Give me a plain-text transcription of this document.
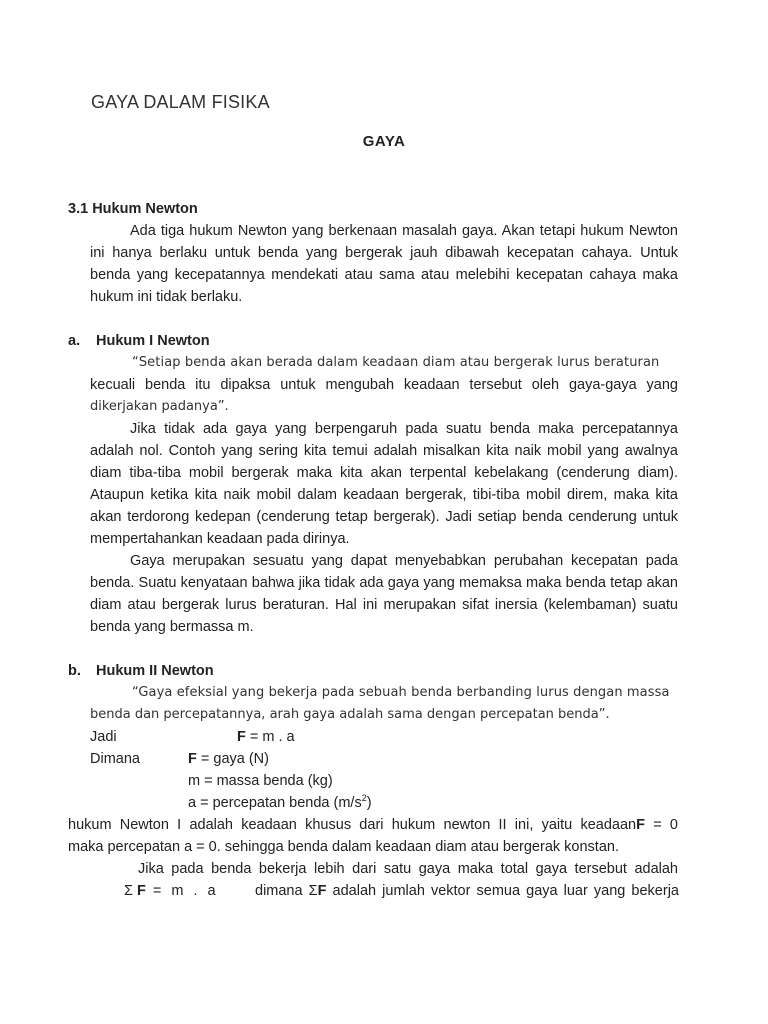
GAYA DALAM FISIKA
GAYA
3.1 Hukum Newton

Ada tiga hukum Newton yang berkenaan masalah gaya. Akan tetapi hukum Newton ini hanya berlaku untuk benda yang bergerak jauh dibawah kecepatan cahaya. Untuk benda yang kecepatannya mendekati atau sama atau melebihi kecepatan cahaya maka hukum ini tidak berlaku.

a. Hukum I Newton

“Setiap benda akan berada dalam keadaan diam atau bergerak lurus beraturan

kecuali benda itu dipaksa untuk mengubah keadaan tersebut oleh gaya-gaya yang

dikerjakan padanya”.

Jika tidak ada gaya yang berpengaruh pada suatu benda maka percepatannya adalah nol. Contoh yang sering kita temui adalah misalkan kita naik mobil yang awalnya diam tiba-tiba mobil bergerak maka kita akan terpental kebelakang (cenderung diam). Ataupun ketika kita naik mobil dalam keadaan bergerak, tibi-tiba mobil direm, maka kita akan terdorong kedepan (cenderung tetap bergerak). Jadi setiap benda cenderung untuk mempertahankan keadaan pada dirinya.

Gaya merupakan sesuatu yang dapat menyebabkan perubahan kecepatan pada benda. Suatu kenyataan bahwa jika tidak ada gaya yang memaksa maka benda tetap akan diam atau bergerak lurus beraturan. Hal ini merupakan sifat inersia (kelembaman) suatu benda yang bermassa m.

b. Hukum II Newton

“Gaya efeksial yang bekerja pada sebuah benda berbanding lurus dengan massa

benda dan percepatannya, arah gaya adalah sama dengan percepatan benda”.

Jadi	F = m . a
Dimana	F = gaya (N)
m = massa benda (kg)
a = percepatan benda $(m/s^2)$

hukum Newton I adalah keadaan khusus dari hukum newton II ini, yaitu keadaanF = 0

maka percepatan a = 0. sehingga benda dalam keadaan diam atau bergerak konstan.

Jika pada benda bekerja lebih dari satu gaya maka total gaya tersebut adalah

Σ F = m . a	dimana ΣF adalah jumlah vektor semua gaya luar yang bekerja
